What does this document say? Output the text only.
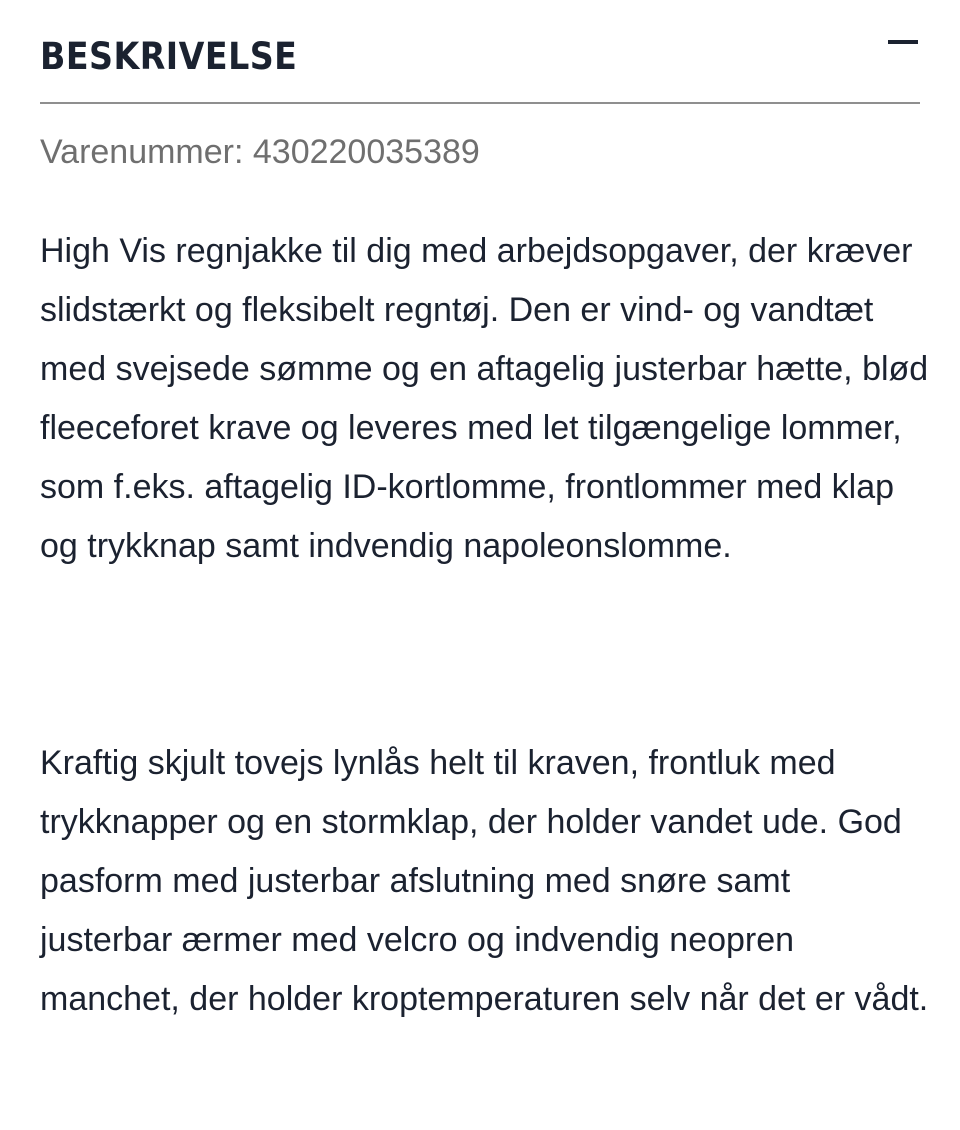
BESKRIVELSE
Varenummer: 430220035389

High Vis regnjakke til dig med arbejdsopgaver, der kræver slidstærkt og fleksibelt regntøj. Den er vind- og vandtæt med svejsede sømme og en aftagelig justerbar hætte, blød fleeceforet krave og leveres med let tilgængelige lommer, som f.eks. aftagelig ID-kortlomme, frontlommer med klap og trykknap samt indvendig napoleonslomme.

Kraftig skjult tovejs lynlås helt til kraven, frontluk med trykknapper og en stormklap, der holder vandet ude. God pasform med justerbar afslutning med snøre samt justerbar ærmer med velcro og indvendig neopren manchet, der holder kroptemperaturen selv når det er vådt.
